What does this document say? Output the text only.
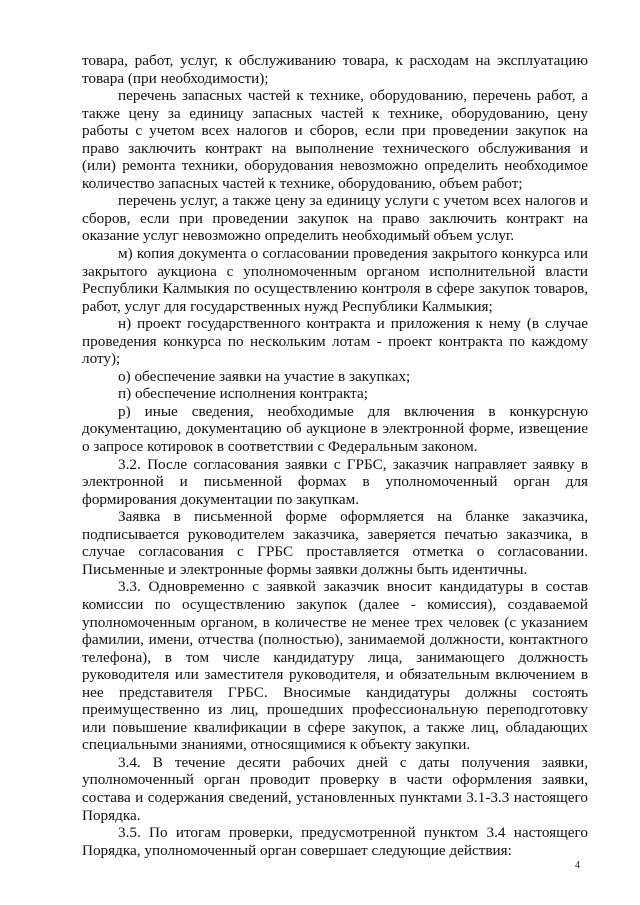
товара, работ, услуг, к обслуживанию товара, к расходам на эксплуатацию товара (при необходимости);

перечень запасных частей к технике, оборудованию, перечень работ, а также цену за единицу запасных частей к технике, оборудованию, цену работы с учетом всех налогов и сборов, если при проведении закупок на право заключить контракт на выполнение технического обслуживания и (или) ремонта техники, оборудования невозможно определить необходимое количество запасных частей к технике, оборудованию, объем работ;

перечень услуг, а также цену за единицу услуги с учетом всех налогов и сборов, если при проведении закупок на право заключить контракт на оказание услуг невозможно определить необходимый объем услуг.

м) копия документа о согласовании проведения закрытого конкурса или закрытого аукциона с уполномоченным органом исполнительной власти Республики Калмыкия по осуществлению контроля в сфере закупок товаров, работ, услуг для государственных нужд Республики Калмыкия;

н) проект государственного контракта и приложения к нему (в случае проведения конкурса по нескольким лотам - проект контракта по каждому лоту);

о) обеспечение заявки на участие в закупках;

п) обеспечение исполнения контракта;

р) иные сведения, необходимые для включения в конкурсную документацию, документацию об аукционе в электронной форме, извещение о запросе котировок в соответствии с Федеральным законом.

3.2. После согласования заявки с ГРБС, заказчик направляет заявку в электронной и письменной формах в уполномоченный орган для формирования документации по закупкам.

Заявка в письменной форме оформляется на бланке заказчика, подписывается руководителем заказчика, заверяется печатью заказчика, в случае согласования с ГРБС проставляется отметка о согласовании. Письменные и электронные формы заявки должны быть идентичны.

3.3. Одновременно с заявкой заказчик вносит кандидатуры в состав комиссии по осуществлению закупок (далее - комиссия), создаваемой уполномоченным органом, в количестве не менее трех человек (с указанием фамилии, имени, отчества (полностью), занимаемой должности, контактного телефона), в том числе кандидатуру лица, занимающего должность руководителя или заместителя руководителя, и обязательным включением в нее представителя ГРБС. Вносимые кандидатуры должны состоять преимущественно из лиц, прошедших профессиональную переподготовку или повышение квалификации в сфере закупок, а также лиц, обладающих специальными знаниями, относящимися к объекту закупки.

3.4. В течение десяти рабочих дней с даты получения заявки, уполномоченный орган проводит проверку в части оформления заявки, состава и содержания сведений, установленных пунктами 3.1-3.3 настоящего Порядка.

3.5. По итогам проверки, предусмотренной пунктом 3.4 настоящего Порядка, уполномоченный орган совершает следующие действия:

4
